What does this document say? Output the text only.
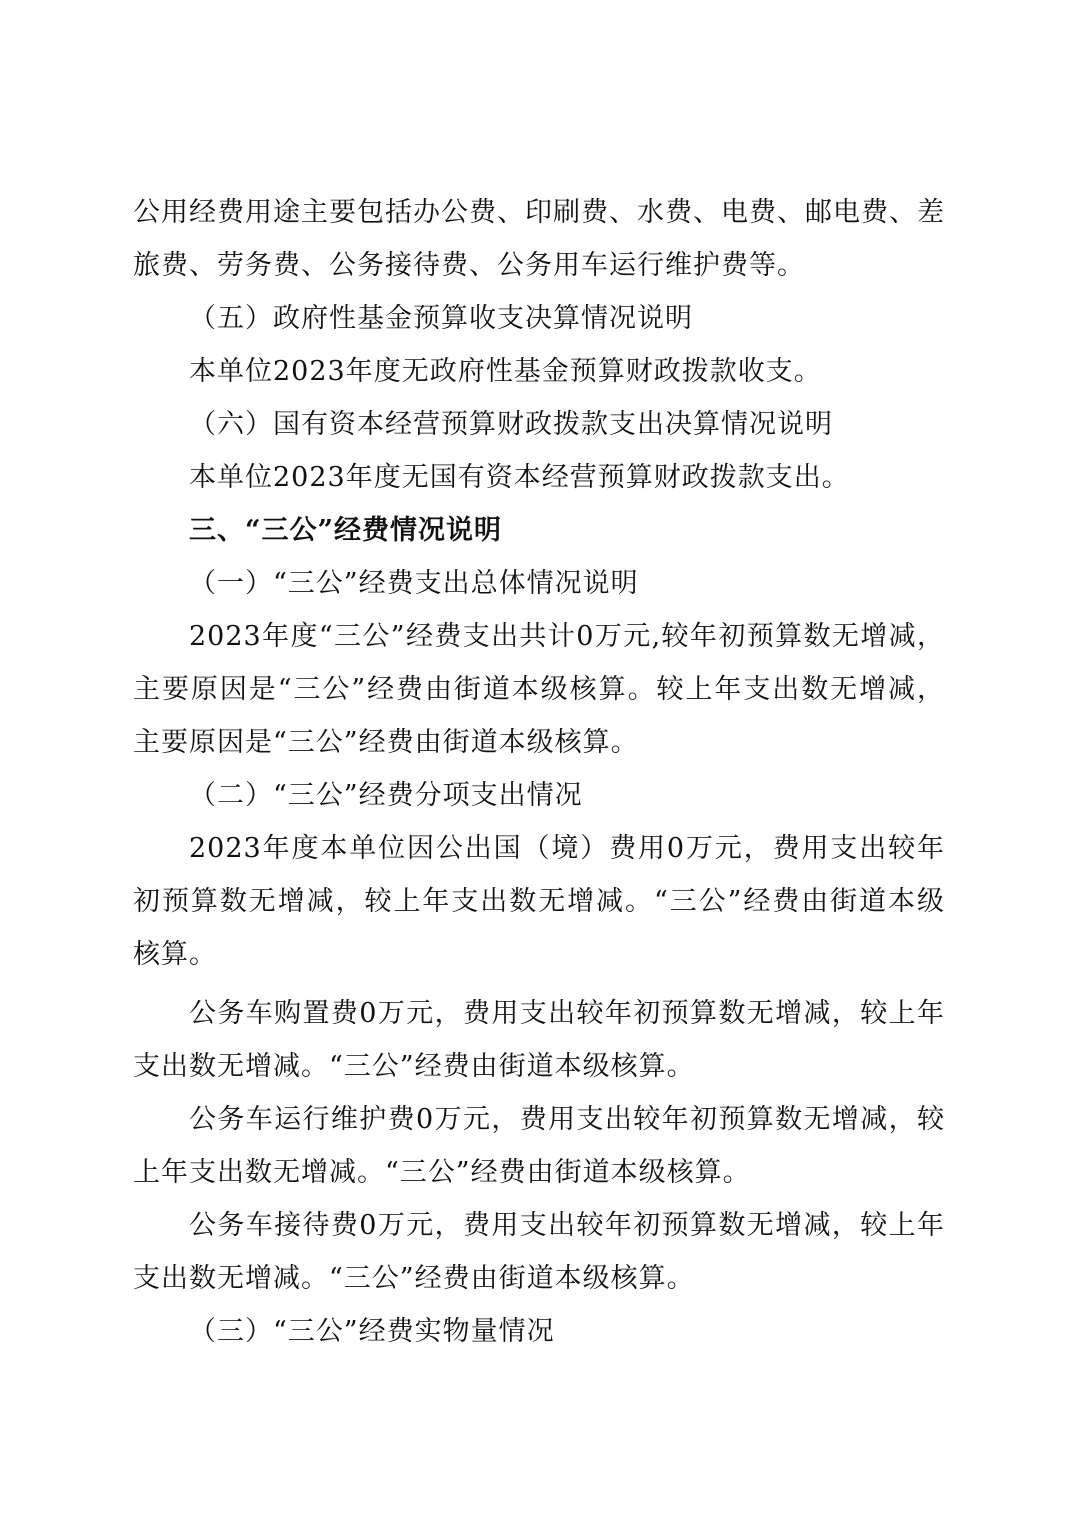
公用经费用途主要包括办公费、印刷费、水费、电费、邮电费、差旅费、劳务费、公务接待费、公务用车运行维护费等。

（五）政府性基金预算收支决算情况说明

本单位2023年度无政府性基金预算财政拨款收支。

（六）国有资本经营预算财政拨款支出决算情况说明

本单位2023年度无国有资本经营预算财政拨款支出。

三、“三公”经费情况说明

（一）“三公”经费支出总体情况说明

2023年度“三公”经费支出共计0万元,较年初预算数无增减，主要原因是“三公”经费由街道本级核算。较上年支出数无增减，主要原因是“三公”经费由街道本级核算。

（二）“三公”经费分项支出情况

2023年度本单位因公出国（境）费用0万元，费用支出较年初预算数无增减，较上年支出数无增减。“三公”经费由街道本级核算。

公务车购置费0万元，费用支出较年初预算数无增减，较上年支出数无增减。“三公”经费由街道本级核算。

公务车运行维护费0万元，费用支出较年初预算数无增减，较上年支出数无增减。“三公”经费由街道本级核算。

公务车接待费0万元，费用支出较年初预算数无增减，较上年支出数无增减。“三公”经费由街道本级核算。

（三）“三公”经费实物量情况
